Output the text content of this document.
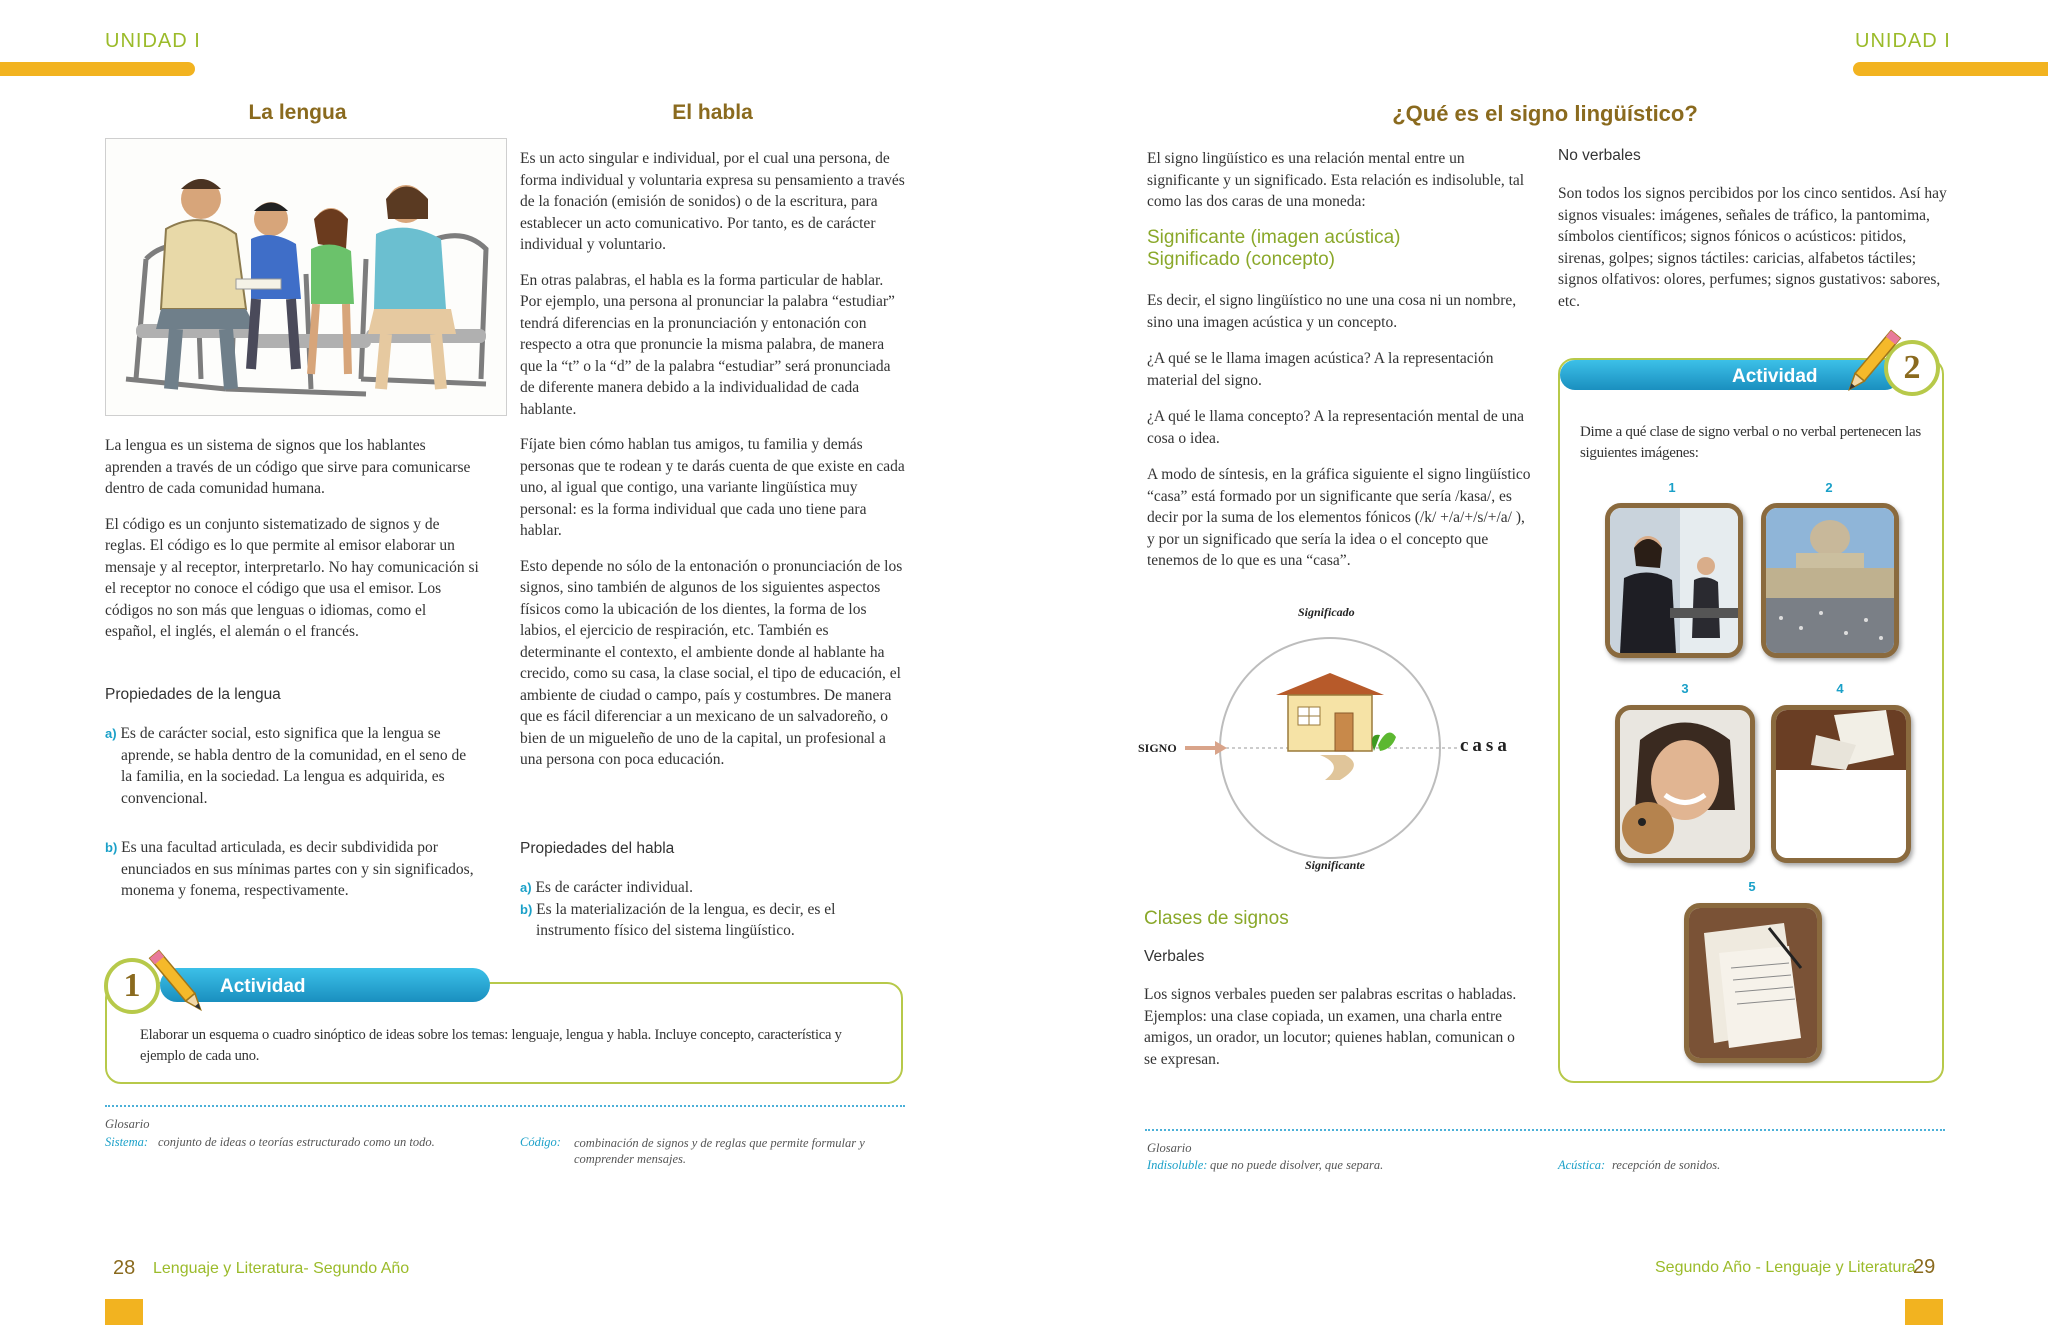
UNIDAD I
La lengua

La lengua es un sistema de signos que los hablantes aprenden a través de un código que sirve para comunicarse dentro de cada comunidad humana.

El código es un conjunto sistematizado de signos y de reglas. El código es lo que permite al emisor elaborar un mensaje y al receptor, interpretarlo. No hay comunicación si el receptor no conoce el código que usa el emisor. Los códigos no son más que lenguas o idiomas, como el español, el inglés, el alemán o el francés.

Propiedades de la lengua
a) Es de carácter social, esto significa que la lengua se aprende, se habla dentro de la comunidad, en el seno de la familia, en la sociedad. La lengua es adquirida, es convencional.
b) Es una facultad articulada, es decir subdividida por enunciados en sus mínimas partes con y sin significados, monema y fonema, respectivamente.
El habla

Es un acto singular e individual, por el cual una persona, de forma individual y voluntaria expresa su pensamiento a través de la fonación (emisión de sonidos) o de la escritura, para establecer un acto comunicativo. Por tanto, es de carácter individual y voluntario.

En otras palabras, el habla es la forma particular de hablar. Por ejemplo, una persona al pronunciar la palabra “estudiar” tendrá diferencias en la pronunciación y entonación con respecto a otra que pronuncie la misma palabra, de manera que la “t” o la “d” de la palabra “estudiar” será pronunciada de diferente manera debido a la individualidad de cada hablante.

Fíjate bien cómo hablan tus amigos, tu familia y demás personas que te rodean y te darás cuenta de que existe en cada uno, al igual que contigo, una variante lingüística muy personal: es la forma individual que cada uno tiene para hablar.

Esto depende no sólo de la entonación o pronunciación de los signos, sino también de algunos de los siguientes aspectos físicos como la ubicación de los dientes, la forma de los labios, el ejercicio de respiración, etc. También es determinante el contexto, el ambiente donde al hablante ha crecido, como su casa, la clase social, el tipo de educación, el ambiente de ciudad o campo, país y costumbres. De manera que es fácil diferenciar a un mexicano de un salvadoreño, o bien de un migueleño de uno de la capital, un profesional a una persona con poca educación.

Propiedades del habla
a) Es de carácter individual.
b) Es la materialización de la lengua, es decir, es el instrumento físico del sistema lingüístico.
Actividad
1
Elaborar un esquema o cuadro sinóptico de ideas sobre los temas: lenguaje, lengua y habla. Incluye concepto, característica y ejemplo de cada uno.
Glosario
Sistema: conjunto de ideas o teorías estructurado como un todo.	Código: combinación de signos y de reglas que permite formular y comprender mensajes.
28 Lenguaje y Literatura- Segundo Año
UNIDAD I
¿Qué es el signo lingüístico?
El signo lingüístico es una relación mental entre un significante y un significado. Esta relación es indisoluble, tal como las dos caras de una moneda:
Significante (imagen acústica)
Significado (concepto)

Es decir, el signo lingüístico no une una cosa ni un nombre, sino una imagen acústica y un concepto.

¿A qué se le llama imagen acústica? A la representación material del signo.

¿A qué le llama concepto? A la representación mental de una cosa o idea.

A modo de síntesis, en la gráfica siguiente el signo lingüístico “casa” está formado por un significante que sería /kasa/, es decir por la suma de los elementos fónicos (/k/ +/a/+/s/+/a/ ), y por un significado que sería la idea o el concepto que tenemos de lo que es una “casa”.

Significado
SIGNO	casa
Significante
Clases de signos
Verbales
Los signos verbales pueden ser palabras escritas o habladas. Ejemplos: una clase copiada, un examen, una charla entre amigos, un orador, un locutor; quienes hablan, comunican o se expresan.
No verbales
Son todos los signos percibidos por los cinco sentidos. Así hay signos visuales: imágenes, señales de tráfico, la pantomima, símbolos científicos; signos fónicos o acústicos: pitidos, sirenas, golpes; signos táctiles: caricias, alfabetos táctiles; signos olfativos: olores, perfumes; signos gustativos: sabores, etc.
Actividad	2
Dime a qué clase de signo verbal o no verbal pertenecen las siguientes imágenes:
1	2
3	4
5
Glosario
Indisoluble: que no puede disolver, que separa.	Acústica: recepción de sonidos.
Segundo Año - Lenguaje y Literatura
29
